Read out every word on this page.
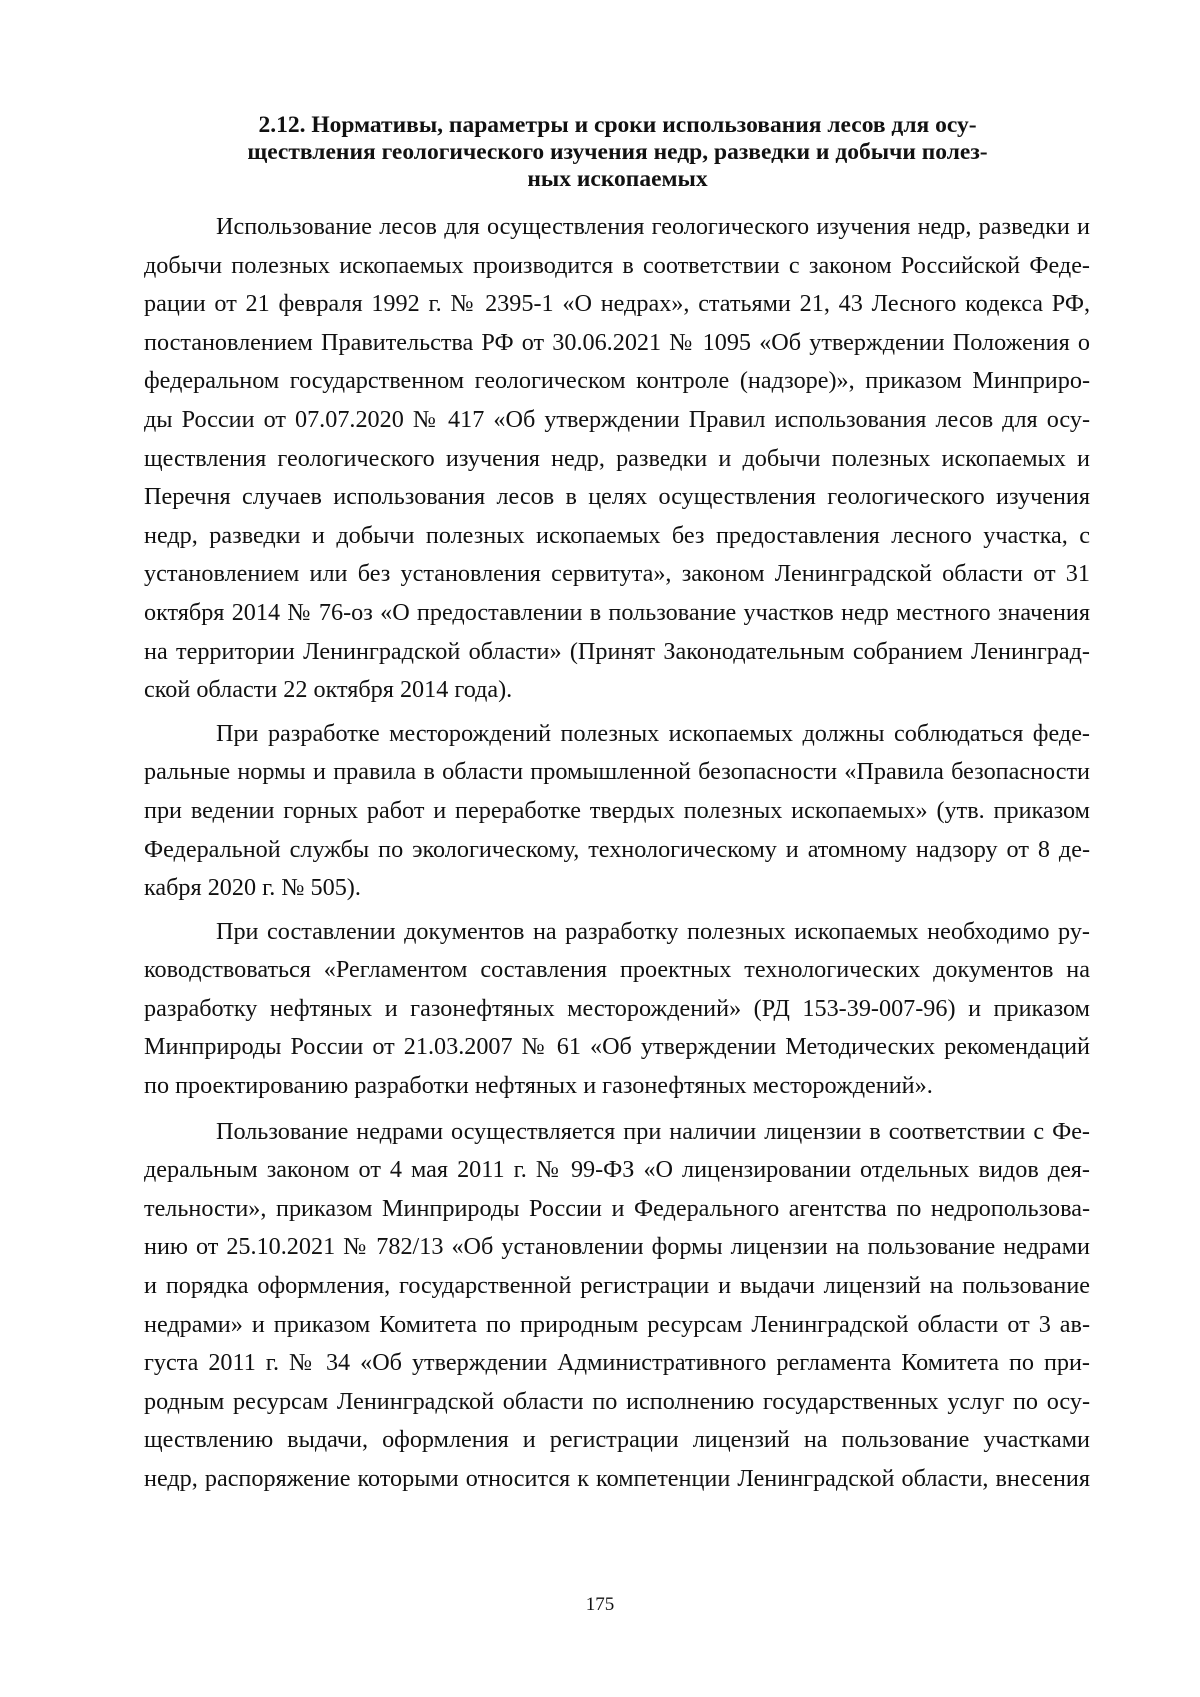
2.12. Нормативы, параметры и сроки использования лесов для осу-
ществления геологического изучения недр, разведки и добычи полез-
ных ископаемых
Использование лесов для осуществления геологического изучения недр, разведки и
добычи полезных ископаемых производится в соответствии с законом Российской Феде-
рации от 21 февраля 1992 г. № 2395-1 «О недрах», статьями 21, 43 Лесного кодекса РФ,
постановлением Правительства РФ от 30.06.2021 № 1095 «Об утверждении Положения о
федеральном государственном геологическом контроле (надзоре)», приказом Минприро-
ды России от 07.07.2020 № 417 «Об утверждении Правил использования лесов для осу-
ществления геологического изучения недр, разведки и добычи полезных ископаемых и
Перечня случаев использования лесов в целях осуществления геологического изучения
недр, разведки и добычи полезных ископаемых без предоставления лесного участка, с
установлением или без установления сервитута», законом Ленинградской области от 31
октября 2014 № 76-оз «О предоставлении в пользование участков недр местного значения
на территории Ленинградской области» (Принят Законодательным собранием Ленинград-
ской области 22 октября 2014 года).
При разработке месторождений полезных ископаемых должны соблюдаться феде-
ральные нормы и правила в области промышленной безопасности «Правила безопасности
при ведении горных работ и переработке твердых полезных ископаемых» (утв. приказом
Федеральной службы по экологическому, технологическому и атомному надзору от 8 де-
кабря 2020 г. № 505).
При составлении документов на разработку полезных ископаемых необходимо ру-
ководствоваться «Регламентом составления проектных технологических документов на
разработку нефтяных и газонефтяных месторождений» (РД 153-39-007-96) и приказом
Минприроды России от 21.03.2007 № 61 «Об утверждении Методических рекомендаций
по проектированию разработки нефтяных и газонефтяных месторождений».
Пользование недрами осуществляется при наличии лицензии в соответствии с Фе-
деральным законом от 4 мая 2011 г. № 99-ФЗ «О лицензировании отдельных видов дея-
тельности», приказом Минприроды России и Федерального агентства по недропользова-
нию от 25.10.2021 № 782/13 «Об установлении формы лицензии на пользование недрами
и порядка оформления, государственной регистрации и выдачи лицензий на пользование
недрами» и приказом Комитета по природным ресурсам Ленинградской области от 3 ав-
густа 2011 г. № 34 «Об утверждении Административного регламента Комитета по при-
родным ресурсам Ленинградской области по исполнению государственных услуг по осу-
ществлению выдачи, оформления и регистрации лицензий на пользование участками
недр, распоряжение которыми относится к компетенции Ленинградской области, внесения
175
